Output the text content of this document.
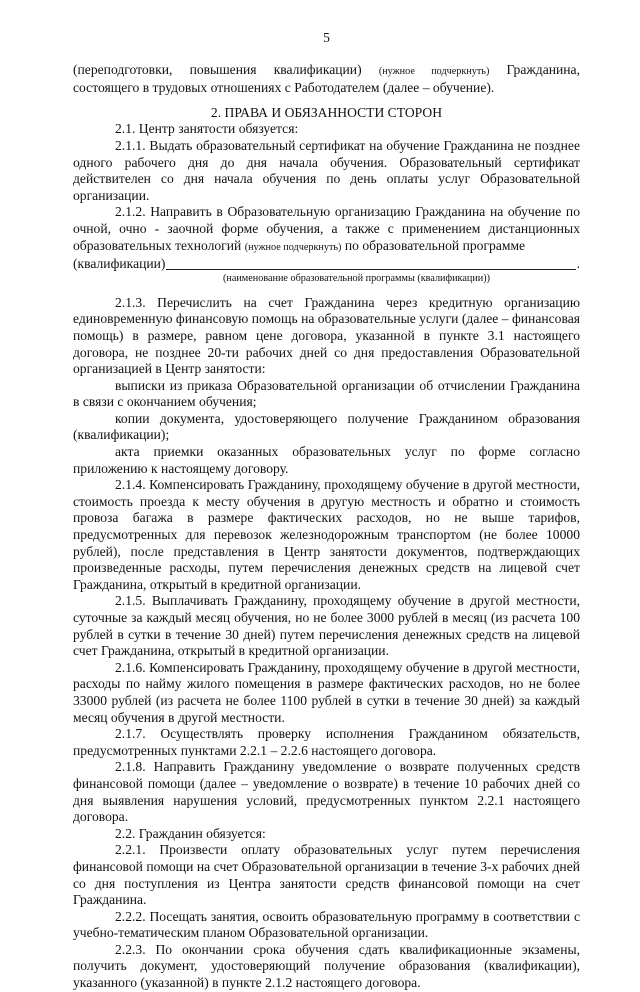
5

(переподготовки, повышения квалификации) (нужное подчеркнуть) Гражданина, состоящего в трудовых отношениях с Работодателем (далее – обучение).

2. ПРАВА И ОБЯЗАННОСТИ СТОРОН

2.1. Центр занятости обязуется:

2.1.1. Выдать образовательный сертификат на обучение Гражданина не позднее одного рабочего дня до дня начала обучения. Образовательный сертификат действителен со дня начала обучения по день оплаты услуг Образовательной организации.

2.1.2. Направить в Образовательную организацию Гражданина на обучение по очной, очно - заочной форме обучения, а также с применением дистанционных образовательных технологий (нужное подчеркнуть) по образовательной программе

(квалификации)	.
(наименование образовательной программы (квалификации))

2.1.3. Перечислить на счет Гражданина через кредитную организацию единовременную финансовую помощь на образовательные услуги (далее – финансовая помощь) в размере, равном цене договора, указанной в пункте 3.1 настоящего договора, не позднее 20-ти рабочих дней со дня предоставления Образовательной организацией в Центр занятости:

выписки из приказа Образовательной организации об отчислении Гражданина в связи с окончанием обучения;

копии документа, удостоверяющего получение Гражданином образования (квалификации);

акта приемки оказанных образовательных услуг по форме согласно приложению к настоящему договору.

2.1.4. Компенсировать Гражданину, проходящему обучение в другой местности, стоимость проезда к месту обучения в другую местность и обратно и стоимость провоза багажа в размере фактических расходов, но не выше тарифов, предусмотренных для перевозок железнодорожным транспортом (не более 10000 рублей), после представления в Центр занятости документов, подтверждающих произведенные расходы, путем перечисления денежных средств на лицевой счет Гражданина, открытый в кредитной организации.

2.1.5. Выплачивать Гражданину, проходящему обучение в другой местности, суточные за каждый месяц обучения, но не более 3000 рублей в месяц (из расчета 100 рублей в сутки в течение 30 дней) путем перечисления денежных средств на лицевой счет Гражданина, открытый в кредитной организации.

2.1.6. Компенсировать Гражданину, проходящему обучение в другой местности, расходы по найму жилого помещения в размере фактических расходов, но не более 33000 рублей (из расчета не более 1100 рублей в сутки в течение 30 дней) за каждый месяц обучения в другой местности.

2.1.7. Осуществлять проверку исполнения Гражданином обязательств, предусмотренных пунктами 2.2.1 – 2.2.6 настоящего договора.

2.1.8. Направить Гражданину уведомление о возврате полученных средств финансовой помощи (далее – уведомление о возврате) в течение 10 рабочих дней со дня выявления нарушения условий, предусмотренных пунктом 2.2.1 настоящего договора.

2.2. Гражданин обязуется:

2.2.1. Произвести оплату образовательных услуг путем перечисления финансовой помощи на счет Образовательной организации в течение 3-х рабочих дней со дня поступления из Центра занятости средств финансовой помощи на счет Гражданина.

2.2.2. Посещать занятия, освоить образовательную программу в соответствии с учебно-тематическим планом Образовательной организации.

2.2.3. По окончании срока обучения сдать квалификационные экзамены, получить документ, удостоверяющий получение образования (квалификации), указанного (указанной) в пункте 2.1.2 настоящего договора.
